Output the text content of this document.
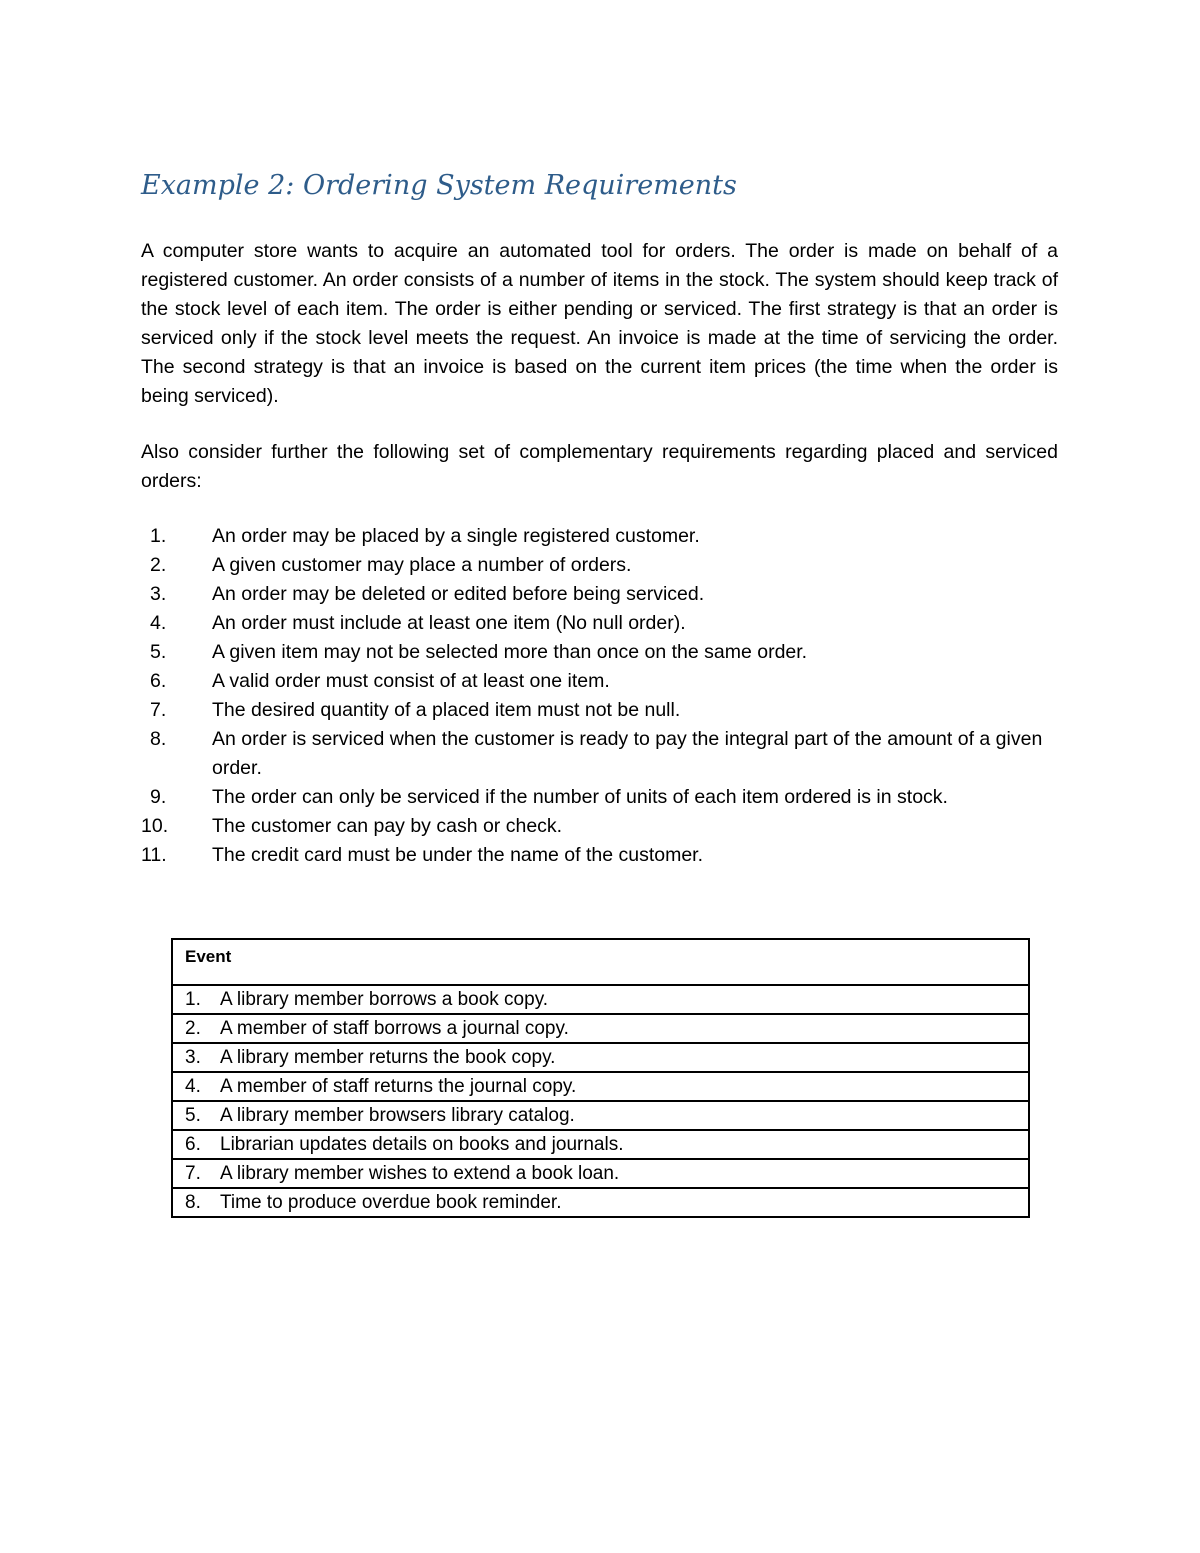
Example 2: Ordering System Requirements

A computer store wants to acquire an automated tool for orders. The order is made on behalf of a registered customer. An order consists of a number of items in the stock. The system should keep track of the stock level of each item. The order is either pending or serviced. The first strategy is that an order is serviced only if the stock level meets the request. An invoice is made at the time of servicing the order. The second strategy is that an invoice is based on the current item prices (the time when the order is being serviced).

Also consider further the following set of complementary requirements regarding placed and serviced orders:

1.	An order may be placed by a single registered customer.
2.	A given customer may place a number of orders.
3.	An order may be deleted or edited before being serviced.
4.	An order must include at least one item (No null order).
5.	A given item may not be selected more than once on the same order.
6.	A valid order must consist of at least one item.
7.	The desired quantity of a placed item must not be null.
8.	An order is serviced when the customer is ready to pay the integral part of the amount of a given order.
9.	The order can only be serviced if the number of units of each item ordered is in stock.
10.	The customer can pay by cash or check.
11.	The credit card must be under the name of the customer.
Event
1. A library member borrows a book copy.
2. A member of staff borrows a journal copy.
3. A library member returns the book copy.
4. A member of staff returns the journal copy.
5. A library member browsers library catalog.
6. Librarian updates details on books and journals.
7. A library member wishes to extend a book loan.
8. Time to produce overdue book reminder.
